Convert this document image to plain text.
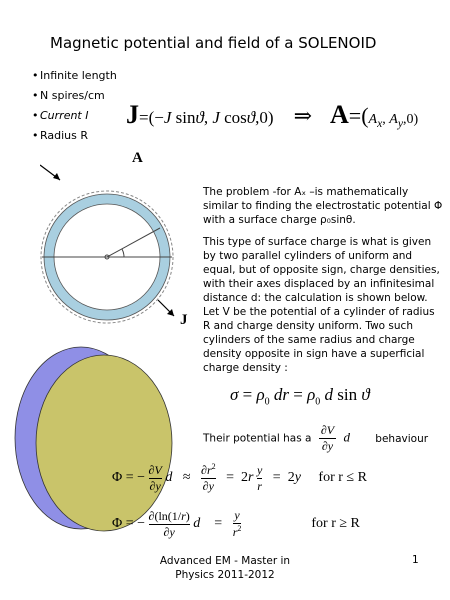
Magnetic potential and field of a SOLENOID
• Infinite length
• N spires/cm
• Current I
• Radius R
J=(−J sinϑ, J cosϑ,0) ⇒ $A=(A_x$, $A_y,0$)
A
J
The problem -for Aₓ –is mathematically similar to finding the electrostatic potential Φ with a surface charge ρ₀sinθ.
This type of surface charge is what is given by two parallel cylinders of uniform and equal, but of opposite sign, charge densities, with their axes displaced by an infinitesimal distance d: the calculation is shown below. Let V be the potential of a cylinder of radius R and charge density uniform. Two such cylinders of the same radius and charge density opposite in sign have a superficial charge density :
$\sigma = \rho_0$ dr = $\rho_0$ d sin ϑ
Their potential has a $\frac{\partial V}{\partial y}$ d behaviour
Φ = − $\frac{\partial V}{\partial y}$ $d \approx \frac{\partial r^2}{\partial y} = 2r \frac{y}{r} = 2y$     for r ≤ R
Φ = − $\frac{\partial(\ln(1/r)}{\partial y}$ d    = $\frac{y}{r^2}$ for r ≥ R
Advanced EM - Master in Physics 2011-2012
1
